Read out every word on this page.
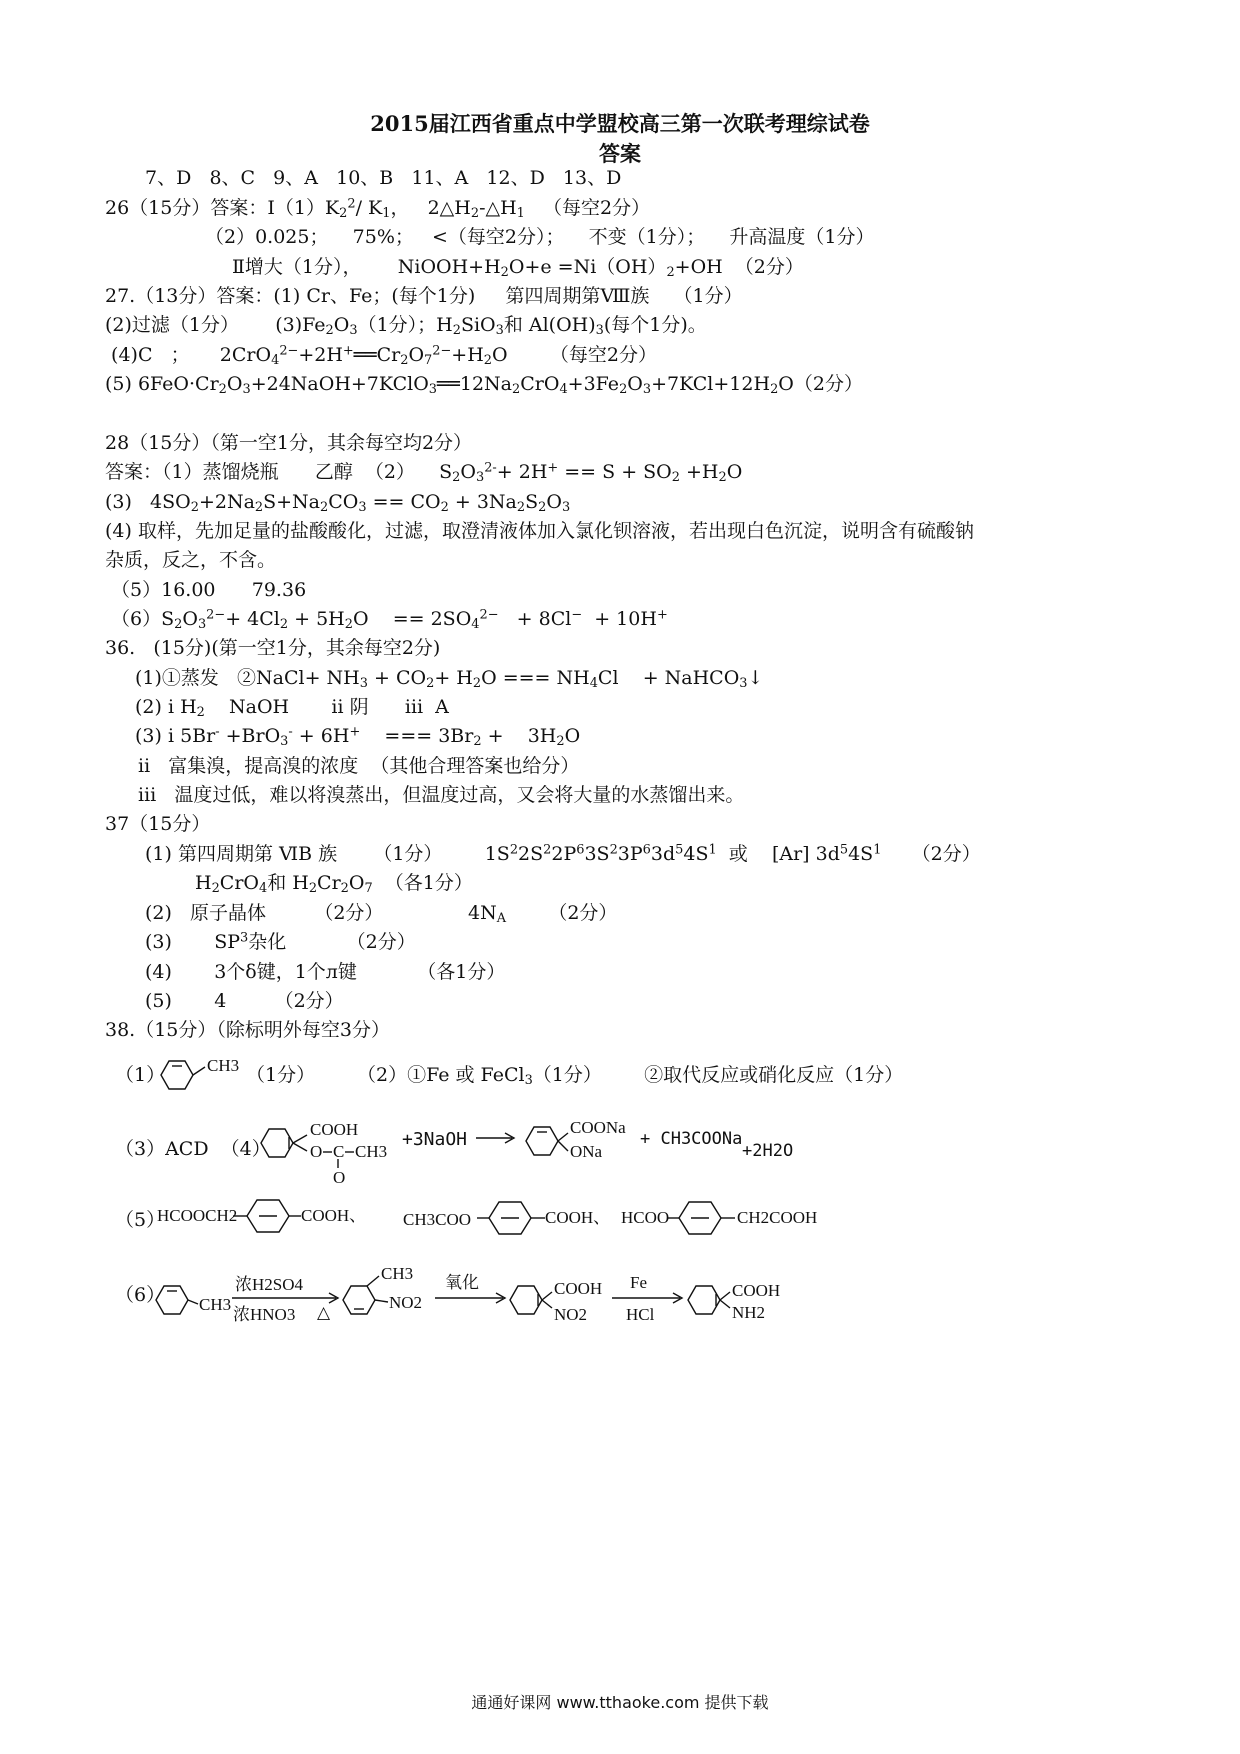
2015届江西省重点中学盟校高三第一次联考理综试卷
答案
7、D   8、C   9、A   10、B   11、A   12、D   13、D
26（15分）答案：$Ⅰ(1)K_2^2/$ $K_1$，   $2\triangle H_2-\triangle H_1$   （每空2分）
（2）0.025；    75%；   <（每空2分）；    不变（1分）；    升高温度（1分）
Ⅱ增大（1分），      $NiOOH+H_2O+e =Ni(OH)_2+OH$  （2分）
27.（13分）答案：(1) Cr、Fe；(每个1分)     第四周期第Ⅷ族    （1分）
(2)过滤（1分）      $(3)Fe_2O_3(1$分）；$H_2SiO_3$和 $Al(OH)_3$(每个1分)。
(4)C   ；     $2CrO_4^{2-}+2H^+══Cr_2O_7^{2-}+H_2O$       （每空2分）
(5) $6FeO\cdot Cr_2O_3+24NaOH+7KClO_3══12Na_2CrO_4+3Fe_2O_3+7KCl+12H_2O(2$分）
28（15分）（第一空1分，其余每空均2分）
答案：（1）蒸馏烧瓶      乙醇  （2）    $S_2O_3^{2-}+ 2H^+ == S + SO_2 +H_2O$
(3)   $4SO_2+2Na_2S+Na_2CO_3 == CO_2 + 3Na_2S_2O_3$
(4) 取样，先加足量的盐酸酸化，过滤，取澄清液体加入氯化钡溶液，若出现白色沉淀，说明含有硫酸钠
杂质，反之，不含。
（5）16.00      79.36
$(6)S_2O_3^{2-}+ 4Cl_2 + 5H_2O$    == $2SO_4^{2-} + 8Cl^- + 10H^+$
36.   (15分)(第一空1分，其余每空2分)
(1)①蒸发   ②NaCl+ $NH_3 + CO_2+ H_2O$ === $NH_4Cl$    + NaHCO$_3$↓
(2) ⅰ $H_2$    NaOH       ⅱ 阴      ⅲ  A
(3) ⅰ 5Br- +BrO$_3$- + 6H+    === $3Br_2$ +    $3H_2O$
ⅱ   富集溴，提高溴的浓度  （其他合理答案也给分）
ⅲ   温度过低，难以将溴蒸出，但温度过高，又会将大量的水蒸馏出来。
37（15分）
(1) 第四周期第 ⅥB 族      （1分）       $1S^22S^22P^63S^23P^63d^54S^1$  或    [Ar] $3d^54S^1$     （2分）
$H_2CrO_4$和 $H_2Cr_2O_7$  （各1分）
(2)   原子晶体        （2分）              $4N_A$       （2分）
(3)       $SP^3$杂化          （2分）
(4)       3个δ键，1个л键          （各1分）
(5)       4        （2分）
38.（15分）（除标明外每空3分）
（1） CH3 （1分） （2）①Fe 或 FeCl$_3$（1分）       ②取代反应或硝化反应（1分）
（3）ACD  （4）
COOH
O C CH3
O
+3NaOH →
COONa
ONa
+ CH3COONa
+2H2O
（5）
HCOOCH2	COOH、 CH3COO	COOH、 HCOO	CH2COOH
（6） CH3
浓H2SO4
浓HNO3 △
CH3
NO2
氧化	COOH
NO2
Fe
HCl
COOH
NH2
通通好课网 www.tthaoke.com 提供下载
